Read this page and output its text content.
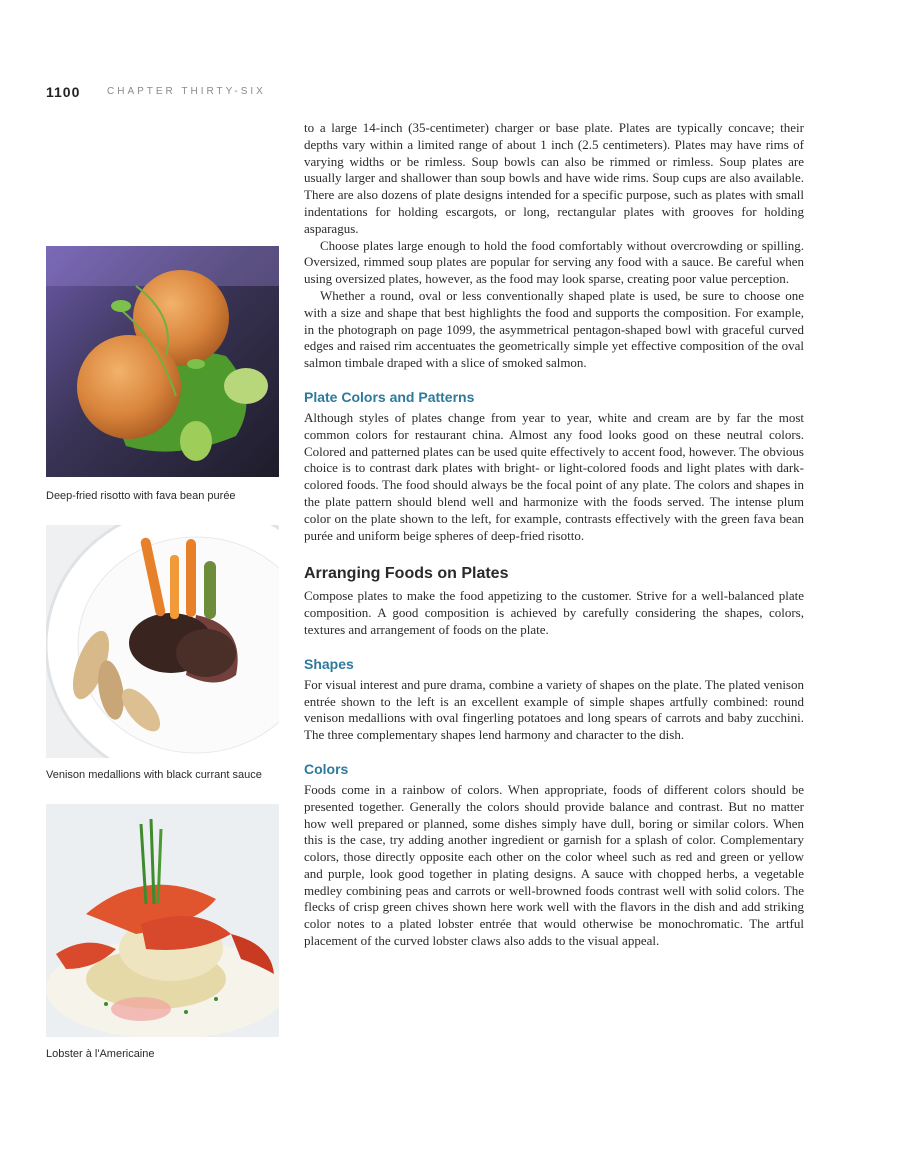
1100	CHAPTER THIRTY-SIX
Deep-fried risotto with fava bean purée
Venison medallions with black currant sauce
Lobster à l'Americaine

to a large 14-inch (35-centimeter) charger or base plate. Plates are typically concave; their depths vary within a limited range of about 1 inch (2.5 centimeters). Plates may have rims of varying widths or be rimless. Soup bowls can also be rimmed or rimless. Soup plates are usually larger and shallower than soup bowls and have wide rims. Soup cups are also available. There are also dozens of plate designs intended for a specific purpose, such as plates with small indentations for holding escargots, or long, rectangular plates with grooves for holding asparagus.

Choose plates large enough to hold the food comfortably without overcrowding or spilling. Oversized, rimmed soup plates are popular for serving any food with a sauce. Be careful when using oversized plates, however, as the food may look sparse, creating poor value perception.

Whether a round, oval or less conventionally shaped plate is used, be sure to choose one with a size and shape that best highlights the food and supports the composition. For example, in the photograph on page 1099, the asymmetrical pentagon-shaped bowl with graceful curved edges and raised rim accentuates the geometrically simple yet effective composition of the oval salmon timbale draped with a slice of smoked salmon.

Plate Colors and Patterns

Although styles of plates change from year to year, white and cream are by far the most common colors for restaurant china. Almost any food looks good on these neutral colors. Colored and patterned plates can be used quite effectively to accent food, however. The obvious choice is to contrast dark plates with bright- or light-colored foods and light plates with dark-colored foods. The food should always be the focal point of any plate. The colors and shapes in the plate pattern should blend well and harmonize with the foods served. The intense plum color on the plate shown to the left, for example, contrasts effectively with the green fava bean purée and uniform beige spheres of deep-fried risotto.

Arranging Foods on Plates

Compose plates to make the food appetizing to the customer. Strive for a well-balanced plate composition. A good composition is achieved by carefully considering the shapes, colors, textures and arrangement of foods on the plate.

Shapes

For visual interest and pure drama, combine a variety of shapes on the plate. The plated venison entrée shown to the left is an excellent example of simple shapes artfully combined: round venison medallions with oval fingerling potatoes and long spears of carrots and baby zucchini. The three complementary shapes lend harmony and character to the dish.

Colors

Foods come in a rainbow of colors. When appropriate, foods of different colors should be presented together. Generally the colors should provide balance and contrast. But no matter how well prepared or planned, some dishes simply have dull, boring or similar colors. When this is the case, try adding another ingredient or garnish for a splash of color. Complementary colors, those directly opposite each other on the color wheel such as red and green or yellow and purple, look good together in plating designs. A sauce with chopped herbs, a vegetable medley combining peas and carrots or well-browned foods contrast well with solid colors. The flecks of crisp green chives shown here work well with the flavors in the dish and add striking color notes to a plated lobster entrée that would otherwise be monochromatic. The artful placement of the curved lobster claws also adds to the visual appeal.
